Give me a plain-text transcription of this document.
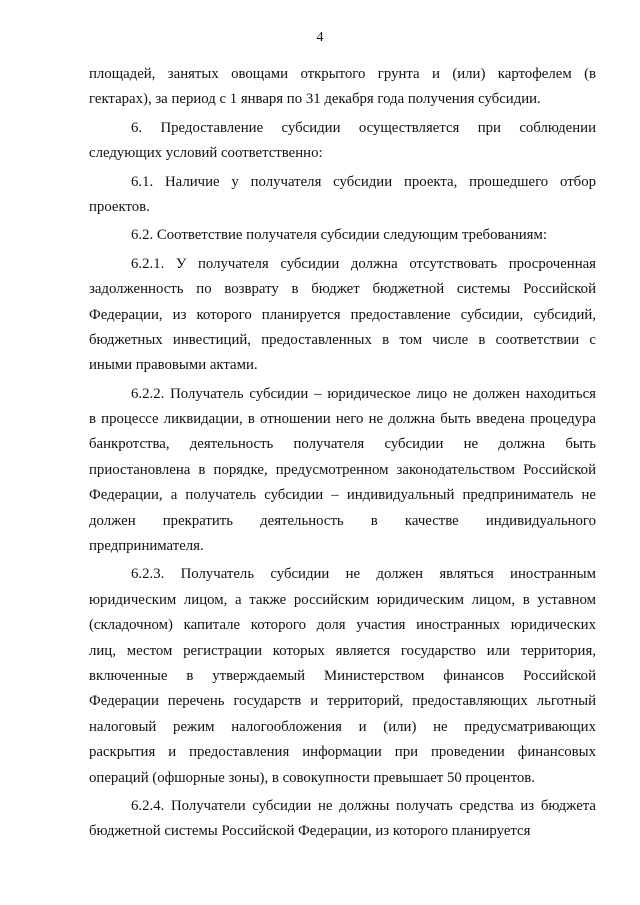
4
площадей, занятых овощами открытого грунта и (или) картофелем (в
гектарах), за период с 1 января по 31 декабря года получения субсидии.
6. Предоставление субсидии осуществляется при соблюдении
следующих условий соответственно:
6.1. Наличие у получателя субсидии проекта, прошедшего отбор
проектов.
6.2. Соответствие получателя субсидии следующим требованиям:
6.2.1. У получателя субсидии должна отсутствовать просроченная
задолженность по возврату в бюджет бюджетной системы Российской
Федерации, из которого планируется предоставление субсидии, субсидий,
бюджетных инвестиций, предоставленных в том числе в соответствии с
иными правовыми актами.
6.2.2. Получатель субсидии – юридическое лицо не должен находиться
в процессе ликвидации, в отношении него не должна быть введена процедура
банкротства, деятельность получателя субсидии не должна быть
приостановлена в порядке, предусмотренном законодательством Российской
Федерации, а получатель субсидии – индивидуальный предприниматель не
должен прекратить деятельность в качестве индивидуального
предпринимателя.
6.2.3. Получатель субсидии не должен являться иностранным
юридическим лицом, а также российским юридическим лицом, в уставном
(складочном) капитале которого доля участия иностранных юридических
лиц, местом регистрации которых является государство или территория,
включенные в утверждаемый Министерством финансов Российской
Федерации перечень государств и территорий, предоставляющих льготный
налоговый режим налогообложения и (или) не предусматривающих
раскрытия и предоставления информации при проведении финансовых
операций (офшорные зоны), в совокупности превышает 50 процентов.
6.2.4. Получатели субсидии не должны получать средства из бюджета
бюджетной системы Российской Федерации, из которого планируется
